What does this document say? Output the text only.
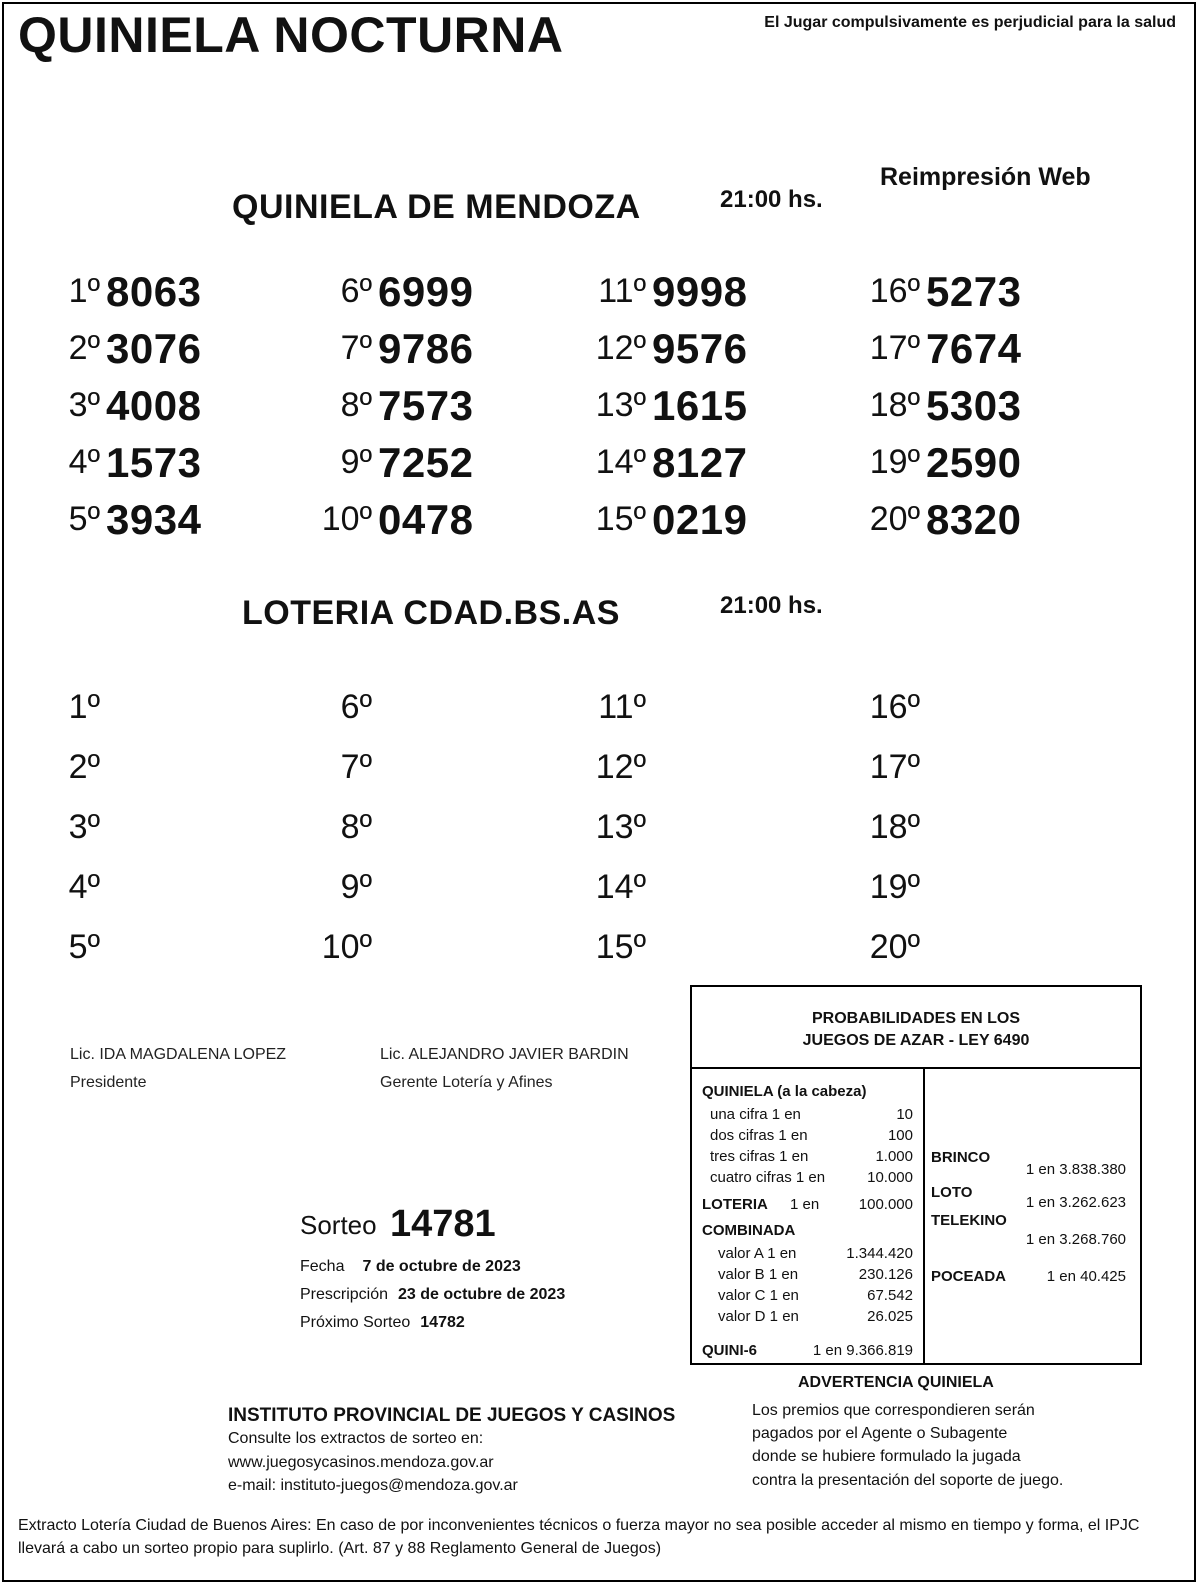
QUINIELA NOCTURNA	El Jugar compulsivamente es perjudicial para la salud
Reimpresión Web
QUINIELA DE MENDOZA	21:00 hs.
1º 8063
2º 3076
3º 4008
4º 1573
5º 3934
6º 6999
7º 9786
8º 7573
9º 7252
10º 0478
11º 9998
12º 9576
13º 1615
14º 8127
15º 0219
16º 5273
17º 7674
18º 5303
19º 2590
20º 8320
LOTERIA CDAD.BS.AS	21:00 hs.
1º
2º
3º
4º
5º
6º
7º
8º
9º
10º
11º
12º
13º
14º
15º
16º
17º
18º
19º
20º
Lic. IDA MAGDALENA LOPEZ
Presidente
Lic. ALEJANDRO JAVIER BARDIN
Gerente Lotería y Afines
Sorteo 14781
Fecha 7 de octubre de 2023
Prescripción 23 de octubre de 2023
Próximo Sorteo 14782
PROBABILIDADES EN LOS
JUEGOS DE AZAR - LEY 6490
QUINIELA (a la cabeza)
una cifra 1 en	10
dos cifras 1 en	100
tres cifras 1 en	1.000
cuatro cifras 1 en	10.000
LOTERIA 1 en	100.000
COMBINADA
valor A 1 en	1.344.420
valor B 1 en	230.126
valor C 1 en	67.542
valor D 1 en	26.025
QUINI-6	1 en 9.366.819
BRINCO
1 en 3.838.380
LOTO
1 en 3.262.623
TELEKINO
1 en 3.268.760
POCEADA	1 en 40.425
ADVERTENCIA QUINIELA
Los premios que correspondieren serán
pagados por el Agente o Subagente
donde se hubiere formulado la jugada
contra la presentación del soporte de juego.
INSTITUTO PROVINCIAL DE JUEGOS Y CASINOS
Consulte los extractos de sorteo en:
www.juegosycasinos.mendoza.gov.ar
e-mail: instituto-juegos@mendoza.gov.ar
Extracto Lotería Ciudad de Buenos Aires: En caso de por inconvenientes técnicos o fuerza mayor no sea posible acceder al mismo en tiempo y forma, el IPJC llevará a cabo un sorteo propio para suplirlo. (Art. 87 y 88 Reglamento General de Juegos)
